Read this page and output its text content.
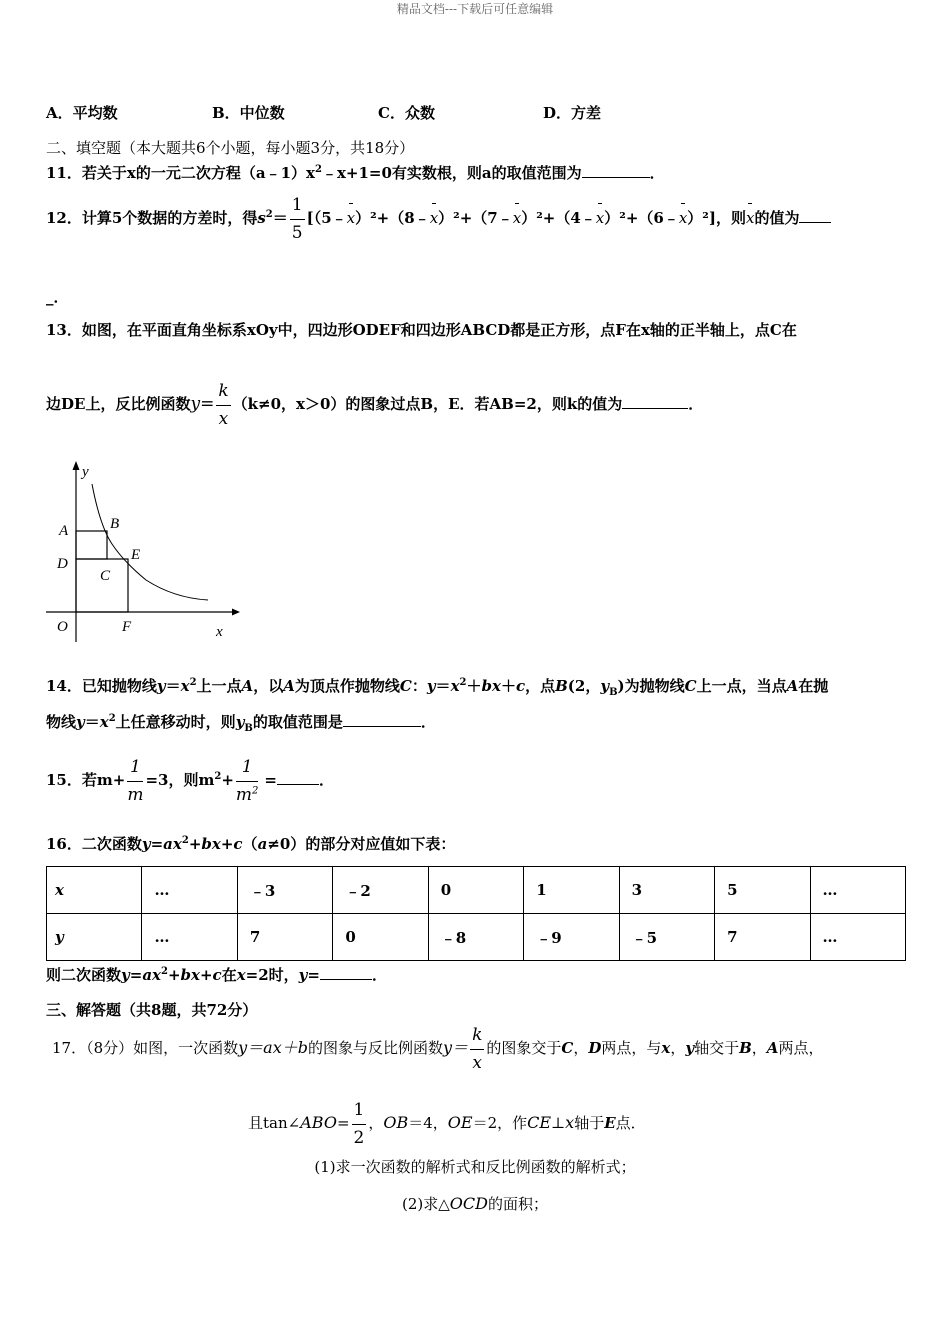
精品文档---下载后可任意编辑
A．平均数	B．中位数	C．众数	D．方差
二、填空题（本大题共6个小题，每小题3分，共18分）
11．若关于x的一元二次方程$(a﹣1)x^2﹣x+1=0$有实数根，则a的取值范围为	．
12．计算5个数据的方差时，得$s^2= \frac{1}{5}$ [（5﹣x）²+（8﹣x）²+（7﹣x）²+（4﹣x）²+（6﹣x）²]，则x的值为
_．
13．如图，在平面直角坐标系xOy中，四边形ODEF和四边形ABCD都是正方形，点F在x轴的正半轴上，点C在
边DE上，反比例函数$y= \frac{k}{x} (k\ne 0$，x＞0）的图象过点B，E．若AB=2，则k的值为	．
y
x
A	B
C
D
E
F
O
14．已知抛物线$y=x^2$上一点A，以A为顶点作抛物线C：$y=x^2+bx+c$，点B(2，$y_B$)为抛物线C上一点，当点A在抛
物线$y=x^2$上任意移动时，则$y_B$的取值范围是	．
15．若$m+ \frac{1}{m} =3$，则$m^2+ \frac{1}{m^2}$ =	．
16．二次函数$y=ax^2+bx+c(a\ne 0)$的部分对应值如下表：
x	…	﹣3	﹣2	0	1	3	5	…
y	…	7	0	﹣8	﹣9	﹣5	7	…
则二次函数$y=ax^2+bx+c$在x=2时，y=	．
三、解答题（共8题，共72分）
17．（8分）如图，一次函数y＝ax＋b的图象与反比例函数$y= \frac{k}{x}$ 的图象交于C，D两点，与x，y轴交于B，A两点，
且tan∠ABO= $\frac{1}{2}$ ，OB＝4，OE＝2，作CE⊥x轴于E点．
(1)求一次函数的解析式和反比例函数的解析式；
(2)求△OCD的面积；
